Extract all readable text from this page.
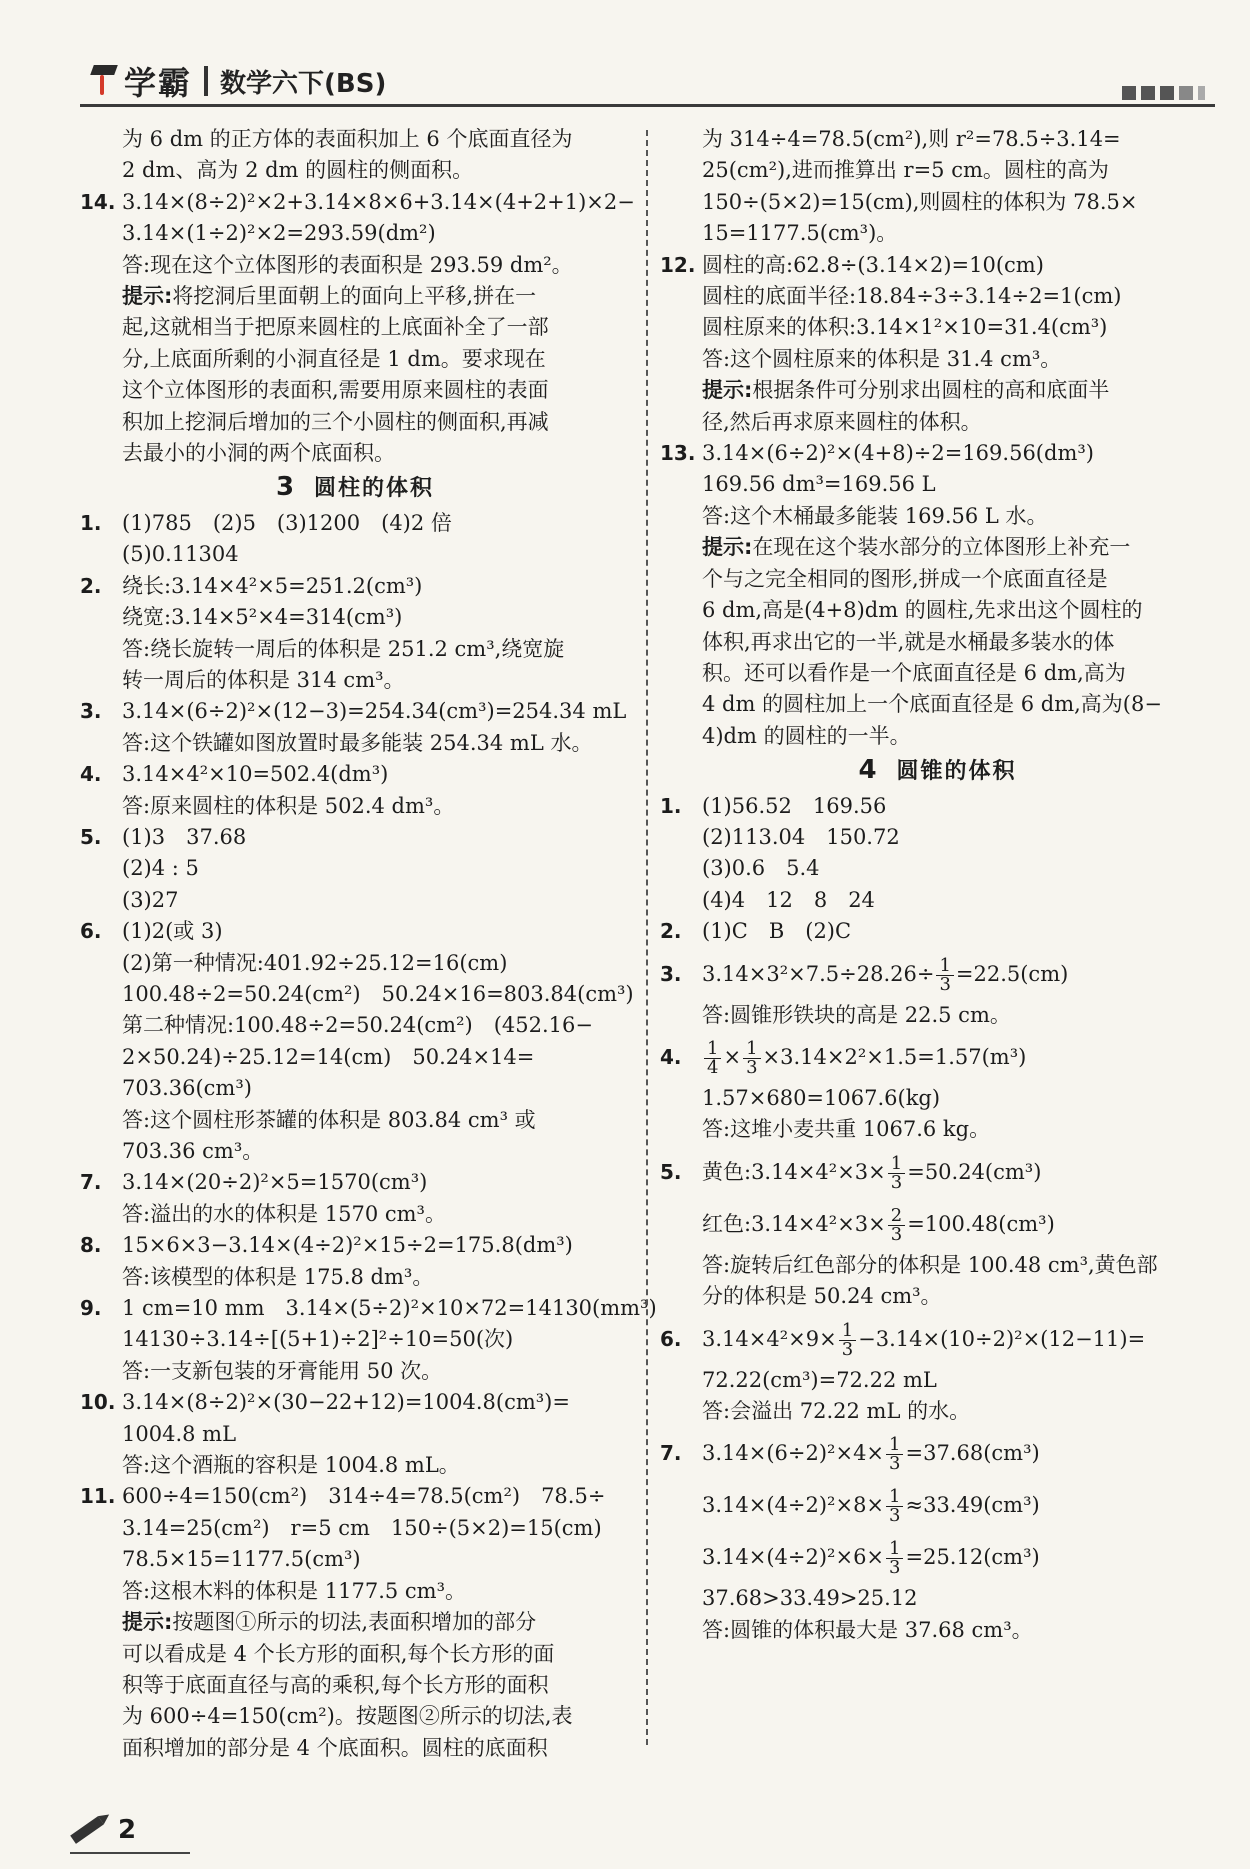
学霸 数学六下(BS)
为 6 dm 的正方体的表面积加上 6 个底面直径为
2 dm、高为 2 dm 的圆柱的侧面积。
14. 3.14×(8÷2)²×2+3.14×8×6+3.14×(4+2+1)×2−
3.14×(1÷2)²×2=293.59(dm²)
答:现在这个立体图形的表面积是 293.59 dm²。
提示:将挖洞后里面朝上的面向上平移,拼在一
起,这就相当于把原来圆柱的上底面补全了一部
分,上底面所剩的小洞直径是 1 dm。要求现在
这个立体图形的表面积,需要用原来圆柱的表面
积加上挖洞后增加的三个小圆柱的侧面积,再减
去最小的小洞的两个底面积。
3 圆柱的体积
1. (1)785　(2)5　(3)1200　(4)2 倍
(5)0.11304
2. 绕长:3.14×4²×5=251.2(cm³)
绕宽:3.14×5²×4=314(cm³)
答:绕长旋转一周后的体积是 251.2 cm³,绕宽旋
转一周后的体积是 314 cm³。
3. 3.14×(6÷2)²×(12−3)=254.34(cm³)=254.34 mL
答:这个铁罐如图放置时最多能装 254.34 mL 水。
4. 3.14×4²×10=502.4(dm³)
答:原来圆柱的体积是 502.4 dm³。
5. (1)3　37.68
(2)4 : 5
(3)27
6. (1)2(或 3)
(2)第一种情况:401.92÷25.12=16(cm)
100.48÷2=50.24(cm²)　50.24×16=803.84(cm³)
第二种情况:100.48÷2=50.24(cm²)　(452.16−
2×50.24)÷25.12=14(cm)　50.24×14=
703.36(cm³)
答:这个圆柱形茶罐的体积是 803.84 cm³ 或
703.36 cm³。
7. 3.14×(20÷2)²×5=1570(cm³)
答:溢出的水的体积是 1570 cm³。
8. 15×6×3−3.14×(4÷2)²×15÷2=175.8(dm³)
答:该模型的体积是 175.8 dm³。
9. 1 cm=10 mm　3.14×(5÷2)²×10×72=14130(mm³)
14130÷3.14÷[(5+1)÷2]²÷10=50(次)
答:一支新包装的牙膏能用 50 次。
10. 3.14×(8÷2)²×(30−22+12)=1004.8(cm³)=
1004.8 mL
答:这个酒瓶的容积是 1004.8 mL。
11. 600÷4=150(cm²)　314÷4=78.5(cm²)　78.5÷
3.14=25(cm²)　r=5 cm　150÷(5×2)=15(cm)
78.5×15=1177.5(cm³)
答:这根木料的体积是 1177.5 cm³。
提示:按题图①所示的切法,表面积增加的部分
可以看成是 4 个长方形的面积,每个长方形的面
积等于底面直径与高的乘积,每个长方形的面积
为 600÷4=150(cm²)。按题图②所示的切法,表
面积增加的部分是 4 个底面积。圆柱的底面积
为 314÷4=78.5(cm²),则 r²=78.5÷3.14=
25(cm²),进而推算出 r=5 cm。圆柱的高为
150÷(5×2)=15(cm),则圆柱的体积为 78.5×
15=1177.5(cm³)。
12. 圆柱的高:62.8÷(3.14×2)=10(cm)
圆柱的底面半径:18.84÷3÷3.14÷2=1(cm)
圆柱原来的体积:3.14×1²×10=31.4(cm³)
答:这个圆柱原来的体积是 31.4 cm³。
提示:根据条件可分别求出圆柱的高和底面半
径,然后再求原来圆柱的体积。
13. 3.14×(6÷2)²×(4+8)÷2=169.56(dm³)
169.56 dm³=169.56 L
答:这个木桶最多能装 169.56 L 水。
提示:在现在这个装水部分的立体图形上补充一
个与之完全相同的图形,拼成一个底面直径是
6 dm,高是(4+8)dm 的圆柱,先求出这个圆柱的
体积,再求出它的一半,就是水桶最多装水的体
积。还可以看作是一个底面直径是 6 dm,高为
4 dm 的圆柱加上一个底面直径是 6 dm,高为(8−
4)dm 的圆柱的一半。
4 圆锥的体积
1. (1)56.52　169.56
(2)113.04　150.72
(3)0.6　5.4
(4)4　12　8　24
2. (1)C　B　(2)C
3. $3.14\times 3^2\times 7.5\div 28.26\div \frac{1}{3} =22.5(cm)$
答:圆锥形铁块的高是 22.5 cm。
4. $\frac{1}{4} \times \frac{1}{3} \times 3.14\times 2^2\times 1.5=1.57(m^3)$
1.57×680=1067.6(kg)
答:这堆小麦共重 1067.6 kg。
5. 黄色:3.14×4²×3× $\frac{1}{3} =50.24(cm^3)$
红色:3.14×4²×3× $\frac{2}{3} =100.48(cm^3)$
答:旋转后红色部分的体积是 100.48 cm³,黄色部
分的体积是 50.24 cm³。
6. $3.14\times 4^2\times 9\times \frac{1}{3} -3.14\times(10\div 2)^2\times(12-11)=$
72.22(cm³)=72.22 mL
答:会溢出 72.22 mL 的水。
7. $3.14\times(6\div 2)^2\times 4\times \frac{1}{3} =37.68(cm^3)$
$3.14\times(4\div 2)^2\times 8\times \frac{1}{3} \approx 33.49(cm^3)$
$3.14\times(4\div 2)^2\times 6\times \frac{1}{3} =25.12(cm^3)$
37.68>33.49>25.12
答:圆锥的体积最大是 37.68 cm³。
2
